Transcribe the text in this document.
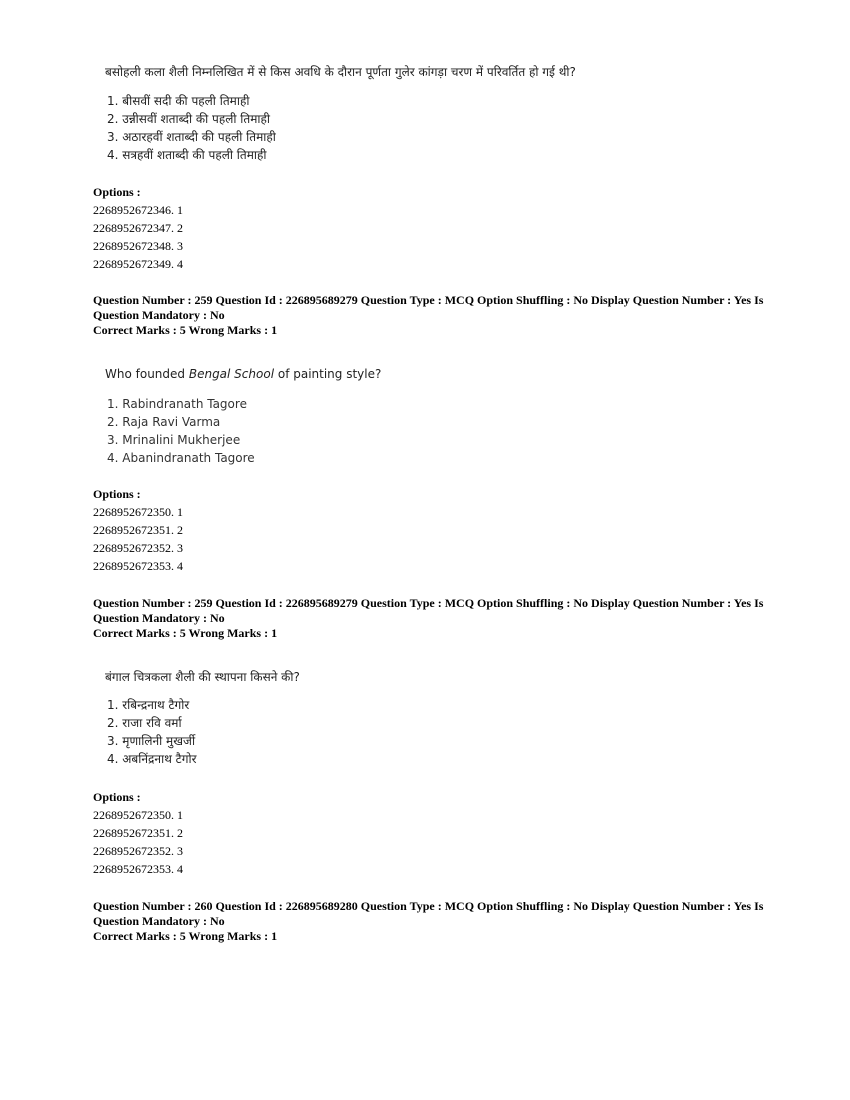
बसोहली कला शैली निम्नलिखित में से किस अवधि के दौरान पूर्णता गुलेर कांगड़ा चरण में परिवर्तित हो गई थी?
1. बीसवीं सदी की पहली तिमाही
2. उन्नीसवीं शताब्दी की पहली तिमाही
3. अठारहवीं शताब्दी की पहली तिमाही
4. सत्रहवीं शताब्दी की पहली तिमाही
Options :
2268952672346. 1
2268952672347. 2
2268952672348. 3
2268952672349. 4
Question Number : 259 Question Id : 226895689279 Question Type : MCQ Option Shuffling : No Display Question Number : Yes Is
Question Mandatory : No
Correct Marks : 5 Wrong Marks : 1
Who founded Bengal School of painting style?
1. Rabindranath Tagore
2. Raja Ravi Varma
3. Mrinalini Mukherjee
4. Abanindranath Tagore
Options :
2268952672350. 1
2268952672351. 2
2268952672352. 3
2268952672353. 4
Question Number : 259 Question Id : 226895689279 Question Type : MCQ Option Shuffling : No Display Question Number : Yes Is
Question Mandatory : No
Correct Marks : 5 Wrong Marks : 1
बंगाल चित्रकला शैली की स्थापना किसने की?
1. रबिन्द्रनाथ टैगोर
2. राजा रवि वर्मा
3. मृणालिनी मुखर्जी
4. अबनिंद्रनाथ टैगोर
Options :
2268952672350. 1
2268952672351. 2
2268952672352. 3
2268952672353. 4
Question Number : 260 Question Id : 226895689280 Question Type : MCQ Option Shuffling : No Display Question Number : Yes Is
Question Mandatory : No
Correct Marks : 5 Wrong Marks : 1
